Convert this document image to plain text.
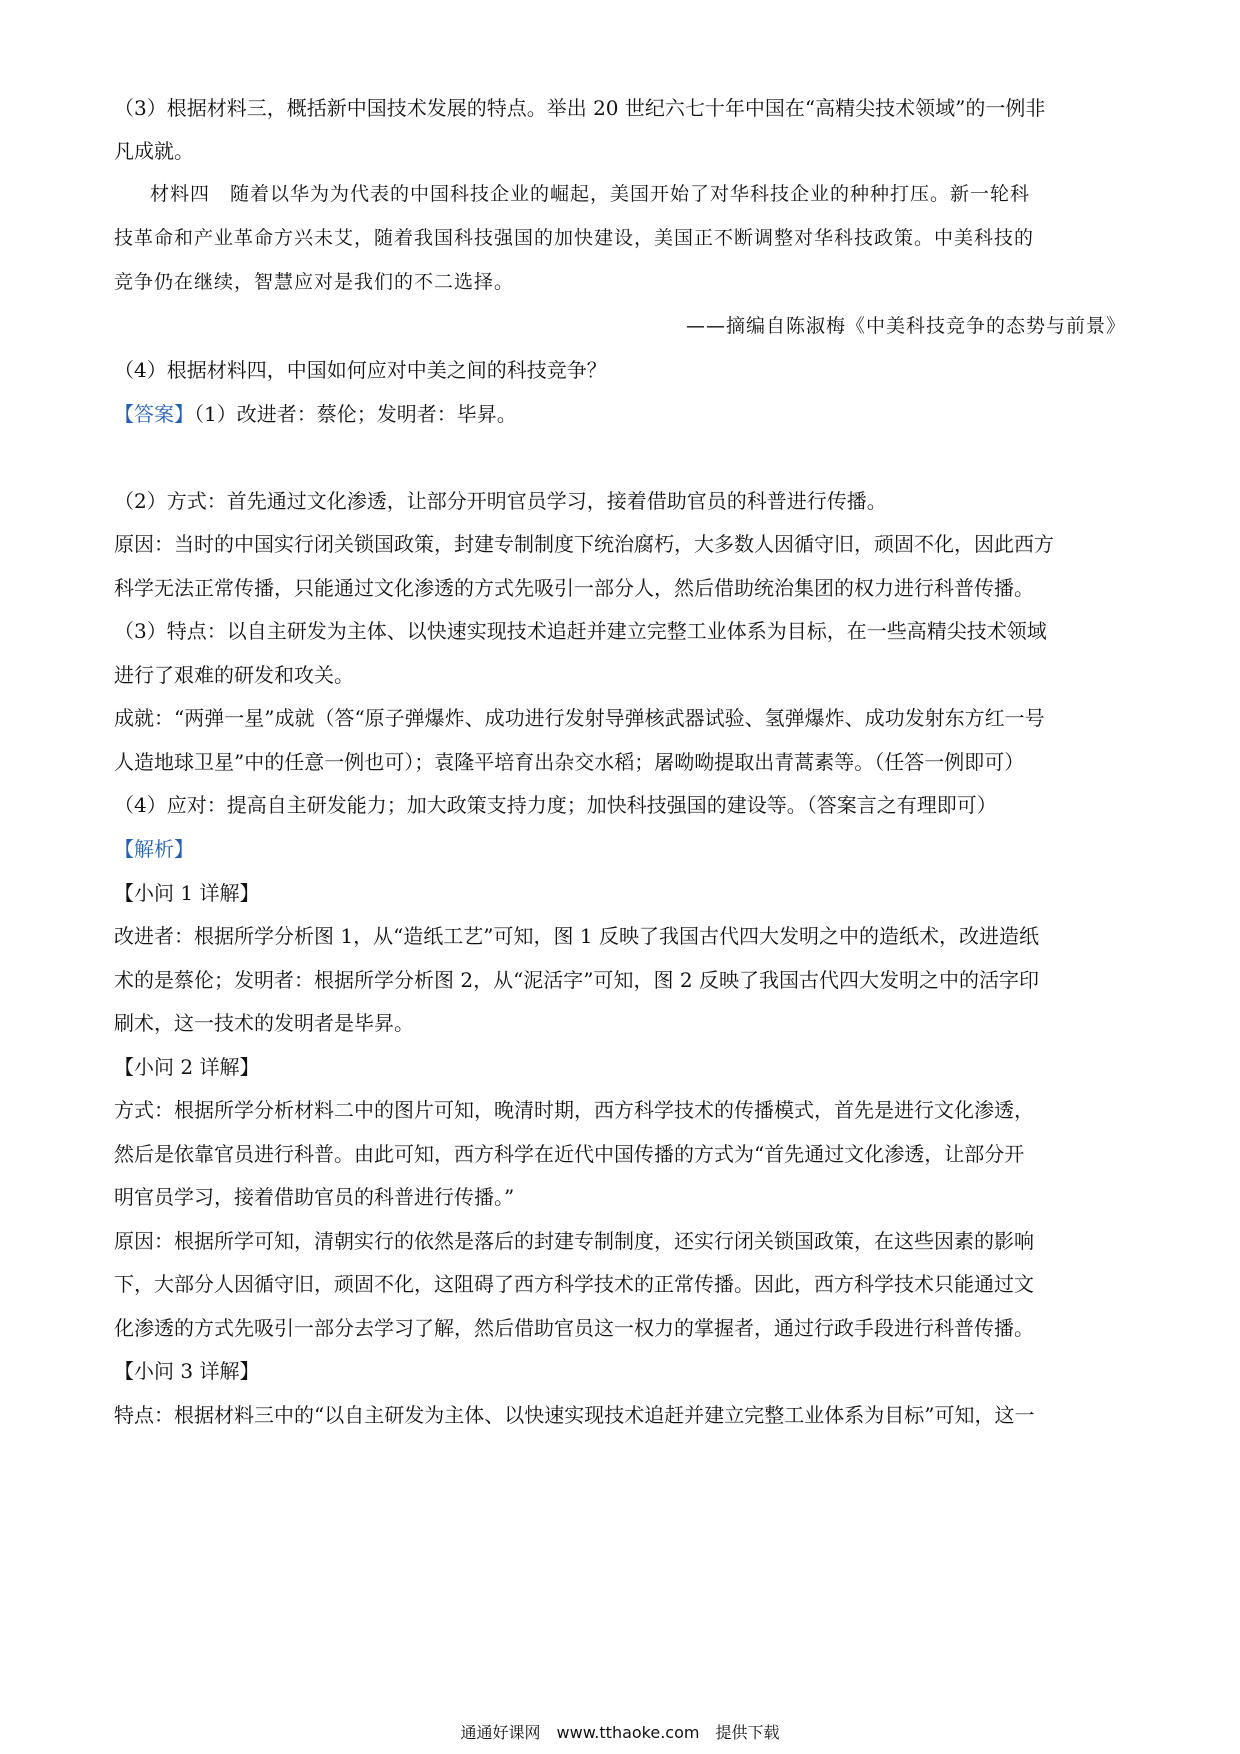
（3）根据材料三，概括新中国技术发展的特点。举出 20 世纪六七十年中国在“高精尖技术领域”的一例非
凡成就。
材料四　随着以华为为代表的中国科技企业的崛起，美国开始了对华科技企业的种种打压。新一轮科
技革命和产业革命方兴未艾，随着我国科技强国的加快建设，美国正不断调整对华科技政策。中美科技的
竞争仍在继续，智慧应对是我们的不二选择。
——摘编自陈淑梅《中美科技竞争的态势与前景》
（4）根据材料四，中国如何应对中美之间的科技竞争？
【答案】（1）改进者：蔡伦；发明者：毕昇。
（2）方式：首先通过文化渗透，让部分开明官员学习，接着借助官员的科普进行传播。
原因：当时的中国实行闭关锁国政策，封建专制制度下统治腐朽，大多数人因循守旧，顽固不化，因此西方
科学无法正常传播，只能通过文化渗透的方式先吸引一部分人，然后借助统治集团的权力进行科普传播。
（3）特点：以自主研发为主体、以快速实现技术追赶并建立完整工业体系为目标，在一些高精尖技术领域
进行了艰难的研发和攻关。
成就：“两弹一星”成就（答“原子弹爆炸、成功进行发射导弹核武器试验、氢弹爆炸、成功发射东方红一号
人造地球卫星”中的任意一例也可）；袁隆平培育出杂交水稻；屠呦呦提取出青蒿素等。（任答一例即可）
（4）应对：提高自主研发能力；加大政策支持力度；加快科技强国的建设等。（答案言之有理即可）
【解析】
【小问 1 详解】
改进者：根据所学分析图 1，从“造纸工艺”可知，图 1 反映了我国古代四大发明之中的造纸术，改进造纸
术的是蔡伦；发明者：根据所学分析图 2，从“泥活字”可知，图 2 反映了我国古代四大发明之中的活字印
刷术，这一技术的发明者是毕昇。
【小问 2 详解】
方式：根据所学分析材料二中的图片可知，晚清时期，西方科学技术的传播模式，首先是进行文化渗透，
然后是依靠官员进行科普。由此可知，西方科学在近代中国传播的方式为“首先通过文化渗透，让部分开
明官员学习，接着借助官员的科普进行传播。”
原因：根据所学可知，清朝实行的依然是落后的封建专制制度，还实行闭关锁国政策，在这些因素的影响
下，大部分人因循守旧，顽固不化，这阻碍了西方科学技术的正常传播。因此，西方科学技术只能通过文
化渗透的方式先吸引一部分去学习了解，然后借助官员这一权力的掌握者，通过行政手段进行科普传播。
【小问 3 详解】
特点：根据材料三中的“以自主研发为主体、以快速实现技术追赶并建立完整工业体系为目标”可知，这一
通通好课网　www.tthaoke.com　提供下载
